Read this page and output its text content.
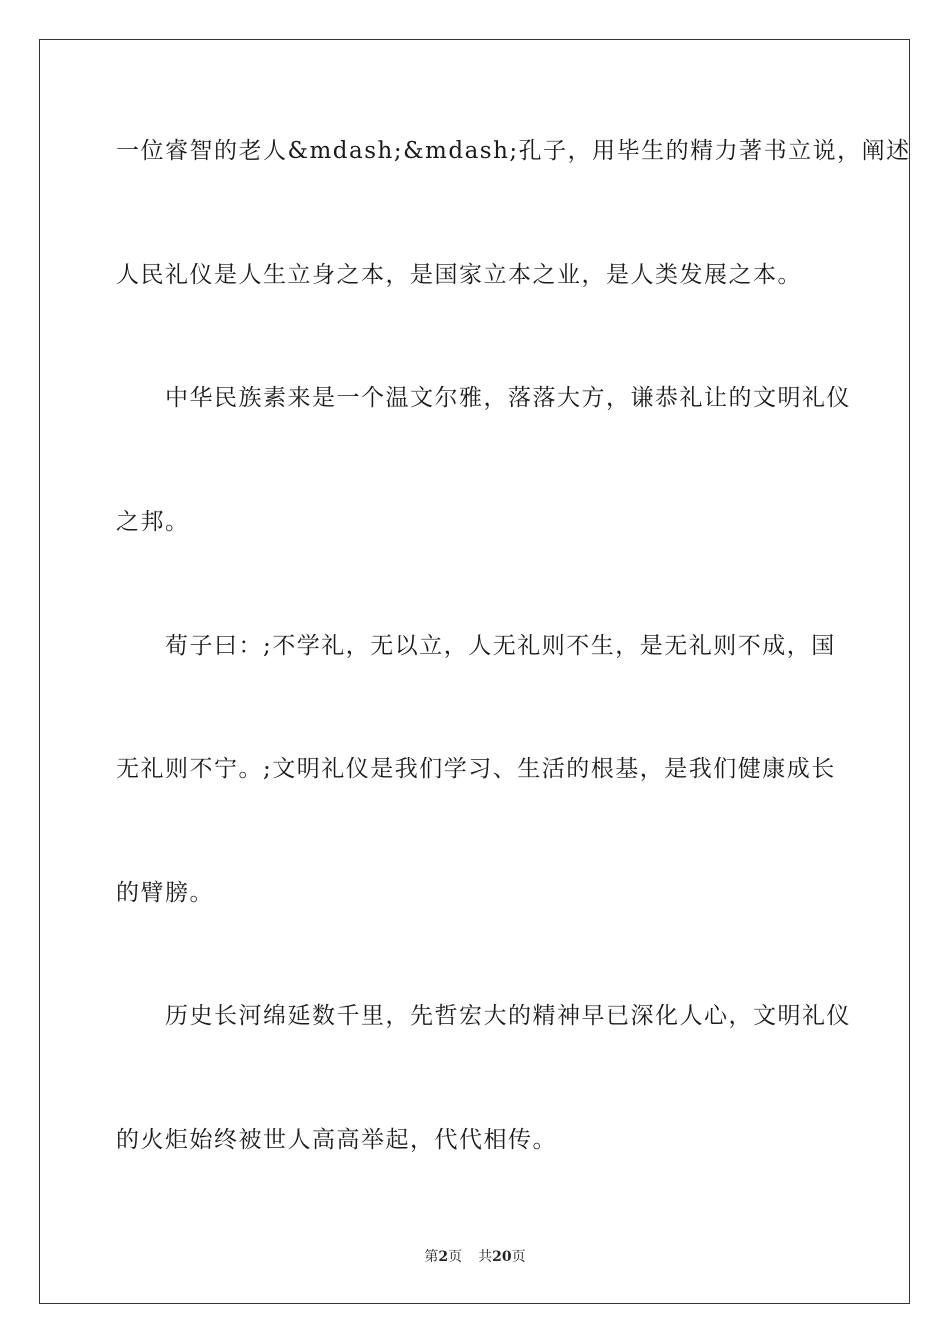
一位睿智的老人&mdash;&mdash;孔子，用毕生的精力著书立说，阐述
人民礼仪是人生立身之本，是国家立本之业，是人类发展之本。
中华民族素来是一个温文尔雅，落落大方，谦恭礼让的文明礼仪
之邦。
荀子曰：;不学礼，无以立，人无礼则不生，是无礼则不成，国
无礼则不宁。;文明礼仪是我们学习、生活的根基，是我们健康成长
的臂膀。
历史长河绵延数千里，先哲宏大的精神早已深化人心，文明礼仪
的火炬始终被世人高高举起，代代相传。
第2页 共20页
